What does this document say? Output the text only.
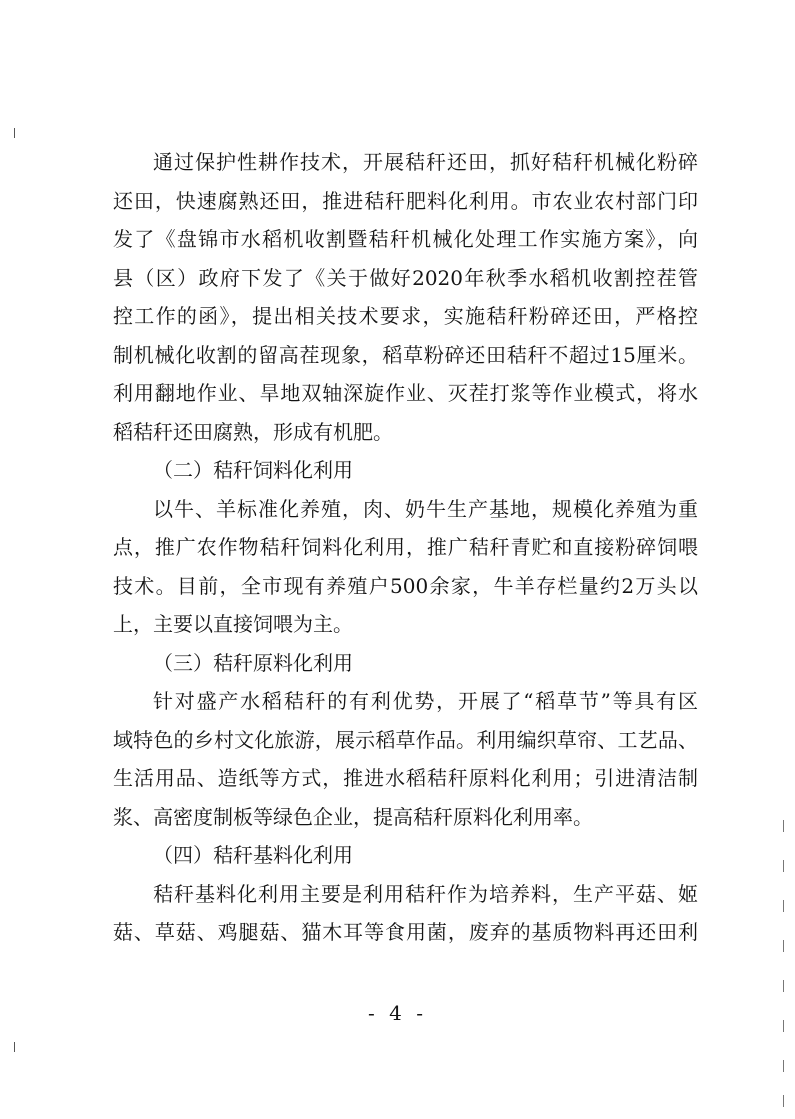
通过保护性耕作技术，开展秸秆还田，抓好秸秆机械化粉碎
还田，快速腐熟还田，推进秸秆肥料化利用。市农业农村部门印
发了《盘锦市水稻机收割暨秸秆机械化处理工作实施方案》，向
县（区）政府下发了《关于做好2020年秋季水稻机收割控茬管
控工作的函》，提出相关技术要求，实施秸秆粉碎还田，严格控
制机械化收割的留高茬现象，稻草粉碎还田秸秆不超过15厘米。
利用翻地作业、旱地双轴深旋作业、灭茬打浆等作业模式，将水
稻秸秆还田腐熟，形成有机肥。
（二）秸秆饲料化利用
以牛、羊标准化养殖，肉、奶牛生产基地，规模化养殖为重
点，推广农作物秸秆饲料化利用，推广秸秆青贮和直接粉碎饲喂
技术。目前，全市现有养殖户500余家，牛羊存栏量约2万头以
上，主要以直接饲喂为主。
（三）秸秆原料化利用
针对盛产水稻秸秆的有利优势，开展了“稻草节”等具有区
域特色的乡村文化旅游，展示稻草作品。利用编织草帘、工艺品、
生活用品、造纸等方式，推进水稻秸秆原料化利用；引进清洁制
浆、高密度制板等绿色企业，提高秸秆原料化利用率。
（四）秸秆基料化利用
秸秆基料化利用主要是利用秸秆作为培养料，生产平菇、姬
菇、草菇、鸡腿菇、猫木耳等食用菌，废弃的基质物料再还田利
- 4 -
